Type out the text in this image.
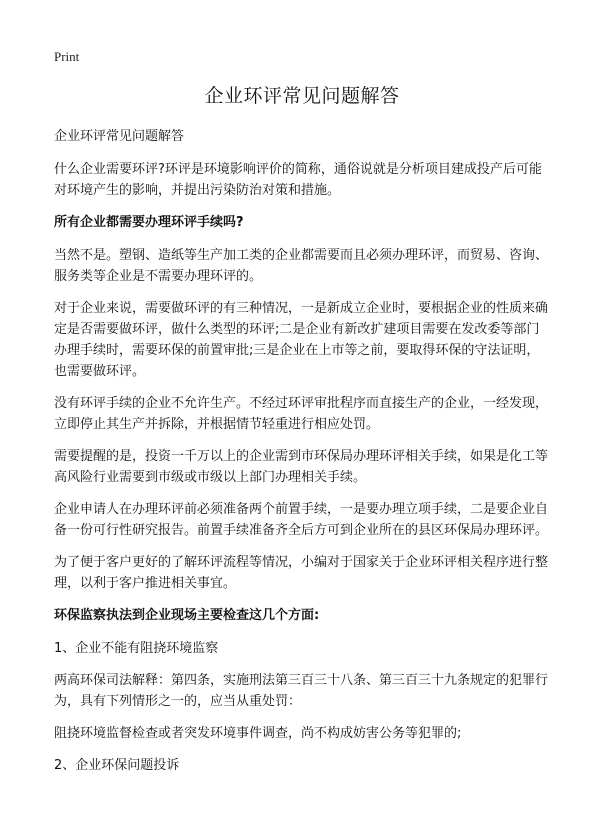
Print
企业环评常见问题解答

企业环评常见问题解答

什么企业需要环评?环评是环境影响评价的简称，通俗说就是分析项目建成投产后可能对环境产生的影响，并提出污染防治对策和措施。

所有企业都需要办理环评手续吗?

当然不是。塑钢、造纸等生产加工类的企业都需要而且必须办理环评，而贸易、咨询、服务类等企业是不需要办理环评的。

对于企业来说，需要做环评的有三种情况，一是新成立企业时，要根据企业的性质来确定是否需要做环评，做什么类型的环评;二是企业有新改扩建项目需要在发改委等部门办理手续时，需要环保的前置审批;三是企业在上市等之前，要取得环保的守法证明，也需要做环评。

没有环评手续的企业不允许生产。不经过环评审批程序而直接生产的企业，一经发现，立即停止其生产并拆除，并根据情节轻重进行相应处罚。

需要提醒的是，投资一千万以上的企业需到市环保局办理环评相关手续，如果是化工等高风险行业需要到市级或市级以上部门办理相关手续。

企业申请人在办理环评前必须准备两个前置手续，一是要办理立项手续，二是要企业自备一份可行性研究报告。前置手续准备齐全后方可到企业所在的县区环保局办理环评。

为了便于客户更好的了解环评流程等情况，小编对于国家关于企业环评相关程序进行整理，以利于客户推进相关事宜。

环保监察执法到企业现场主要检查这几个方面:

1、企业不能有阻挠环境监察

两高环保司法解释：第四条，实施刑法第三百三十八条、第三百三十九条规定的犯罪行为，具有下列情形之一的，应当从重处罚：

阻挠环境监督检查或者突发环境事件调查，尚不构成妨害公务等犯罪的;

2、企业环保问题投诉
